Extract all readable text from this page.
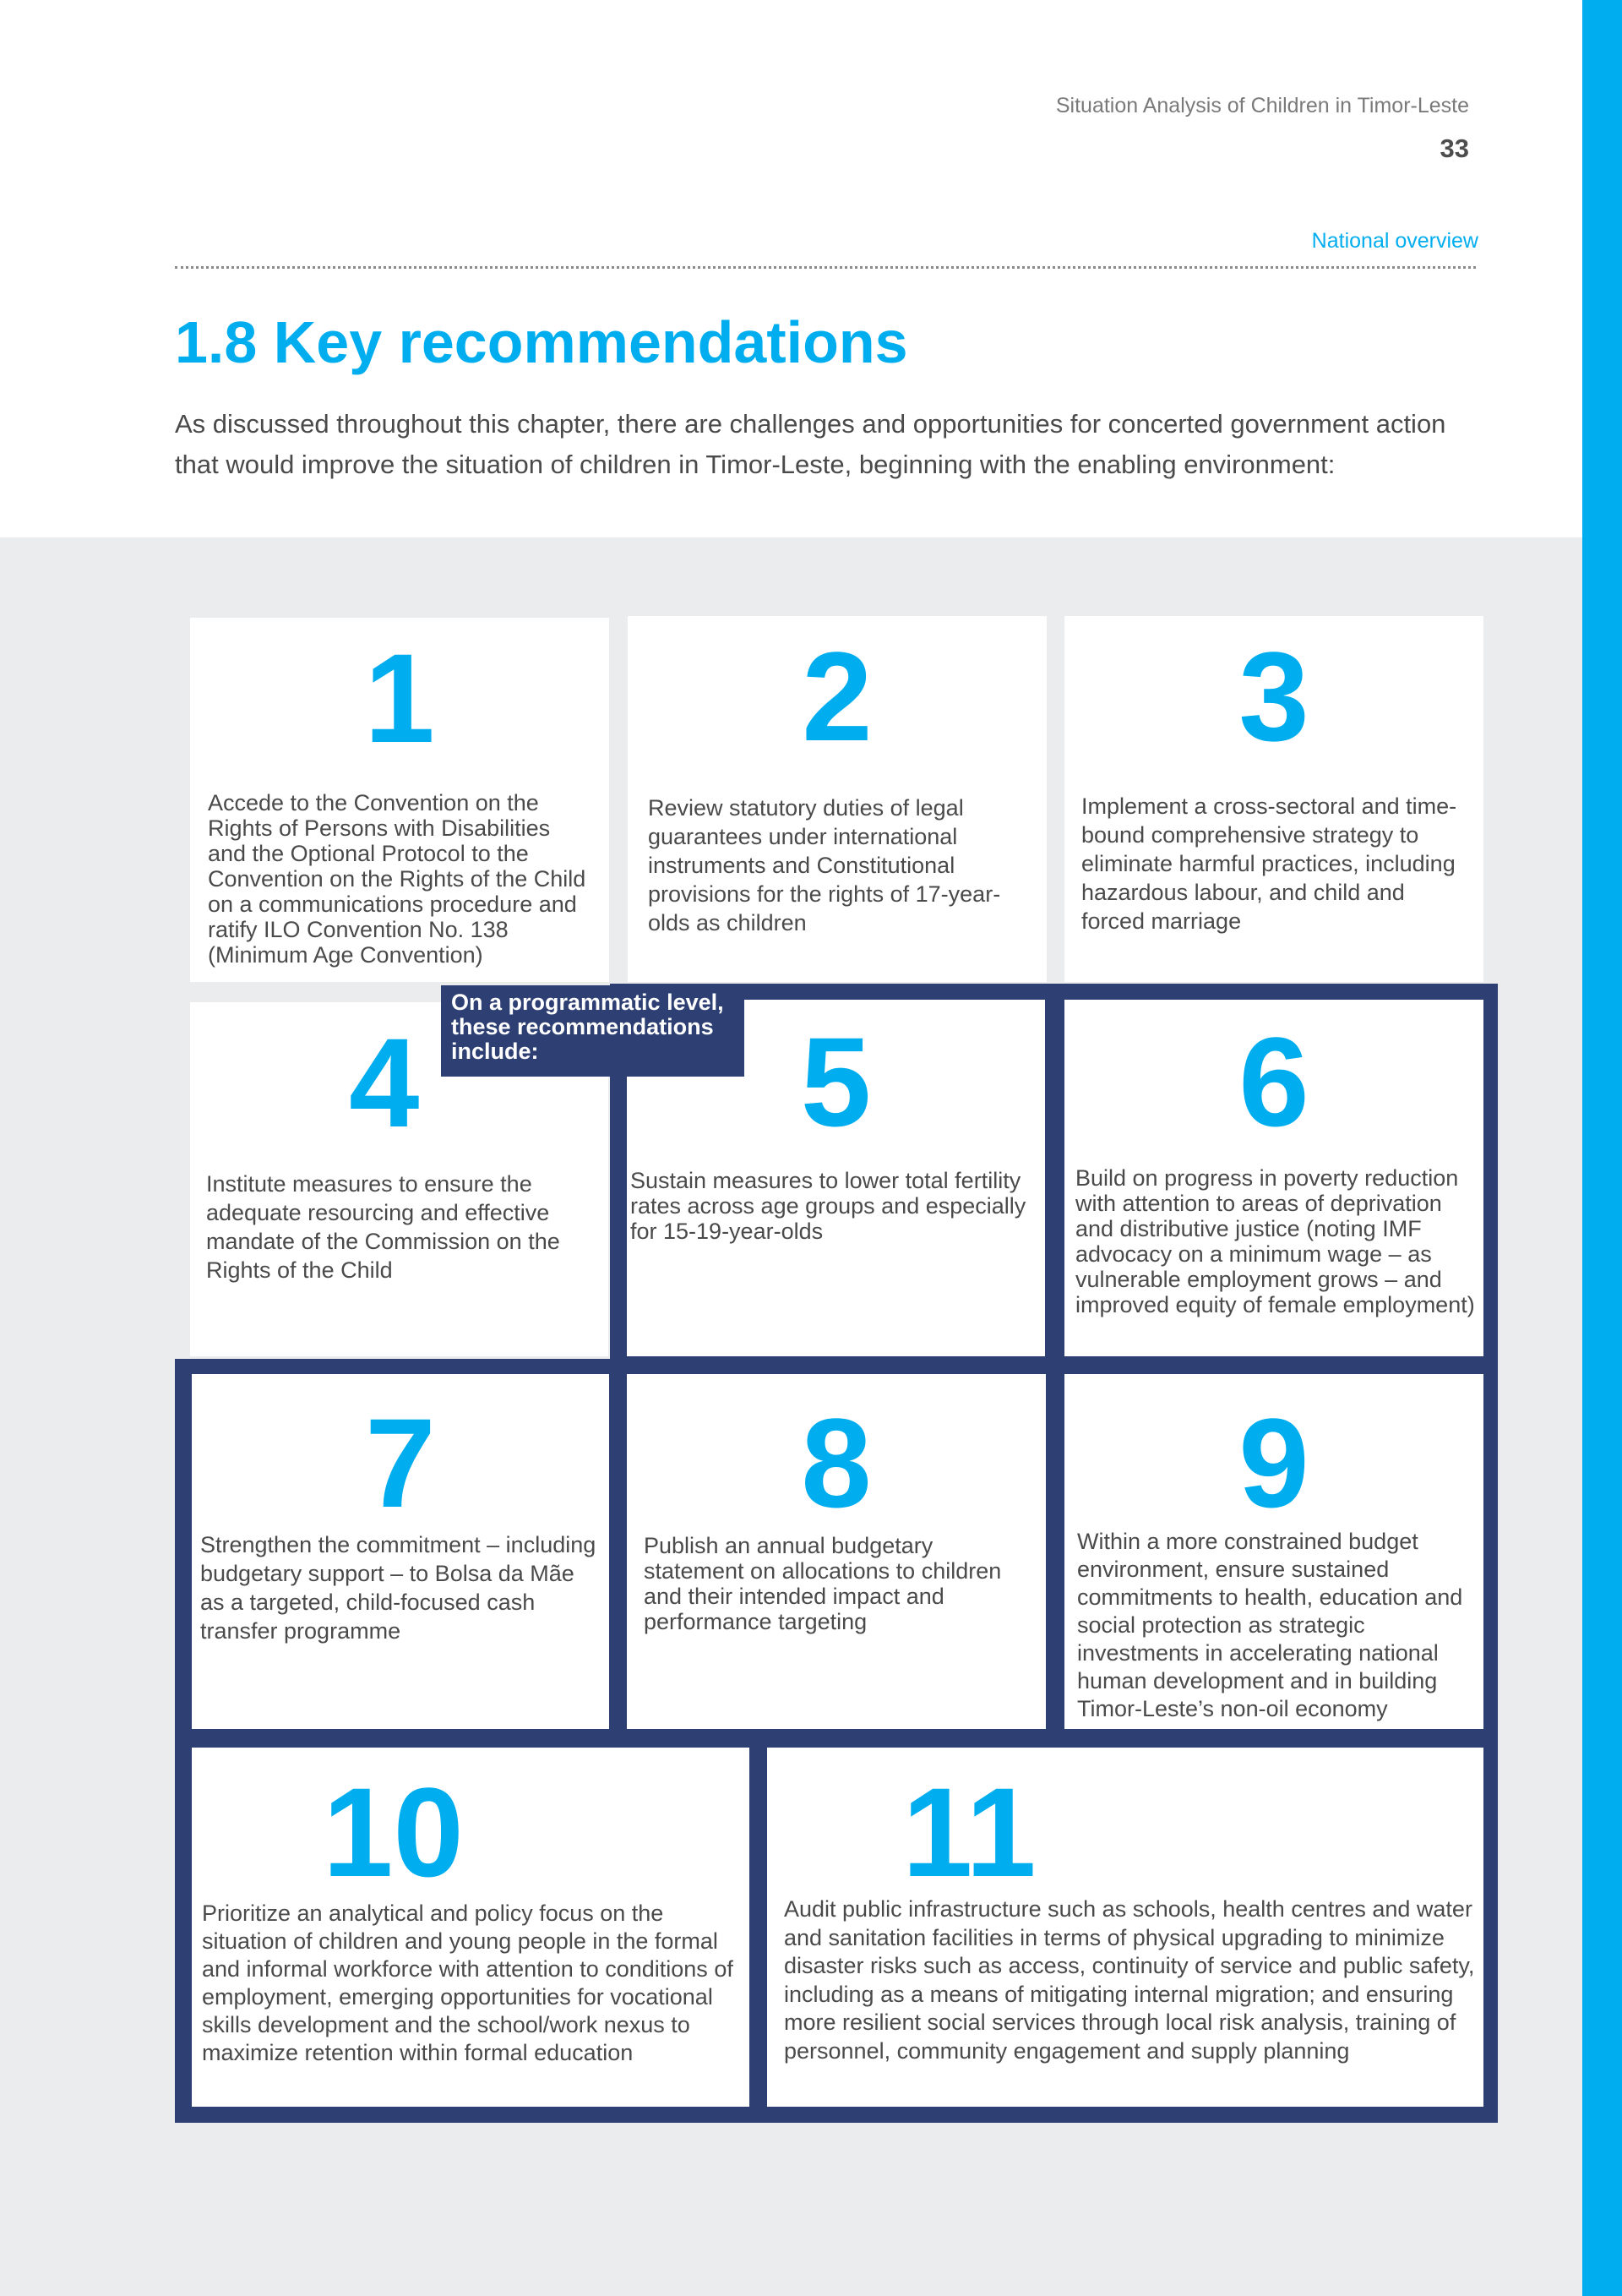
Situation Analysis of Children in Timor-Leste
33
National overview
1.8 Key recommendations

As discussed throughout this chapter, there are challenges and opportunities for concerted government action that would improve the situation of children in Timor-Leste, beginning with the enabling environment:

1
Accede to the Convention on the Rights of Persons with Disabilities and the Optional Protocol to the Convention on the Rights of the Child on a communications procedure and ratify ILO Convention No. 138 (Minimum Age Convention)
2
Review statutory duties of legal guarantees under international instruments and Constitutional provisions for the rights of 17-year-olds as children
3
Implement a cross-sectoral and time-bound comprehensive strategy to eliminate harmful practices, including hazardous labour, and child and forced marriage
4
Institute measures to ensure the adequate resourcing and effective mandate of the Commission on the Rights of the Child
5
Sustain measures to lower total fertility rates across age groups and especially for 15-19-year-olds
6
Build on progress in poverty reduction with attention to areas of deprivation and distributive justice (noting IMF advocacy on a minimum wage – as vulnerable employment grows – and improved equity of female employment)
7
Strengthen the commitment – including budgetary support – to Bolsa da Mãe as a targeted, child-focused cash transfer programme
8
Publish an annual budgetary statement on allocations to children and their intended impact and performance targeting
9
Within a more constrained budget environment, ensure sustained commitments to health, education and social protection as strategic investments in accelerating national human development and in building Timor-Leste’s non-oil economy
10
Prioritize an analytical and policy focus on the situation of children and young people in the formal and informal workforce with attention to conditions of employment, emerging opportunities for vocational skills development and the school/work nexus to maximize retention within formal education
11
Audit public infrastructure such as schools, health centres and water and sanitation facilities in terms of physical upgrading to minimize disaster risks such as access, continuity of service and public safety, including as a means of mitigating internal migration; and ensuring more resilient social services through local risk analysis, training of personnel, community engagement and supply planning
On a programmatic level, these recommendations include:
